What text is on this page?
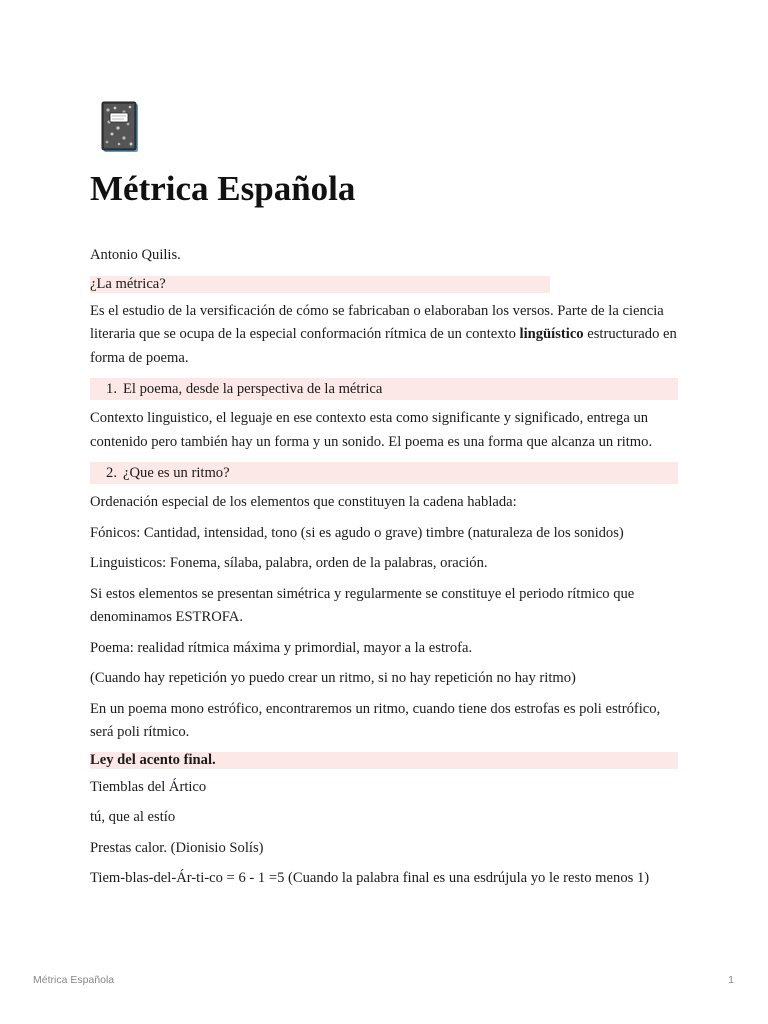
Métrica Española

Antonio Quilis.

¿La métrica?

Es el estudio de la versificación de cómo se fabricaban o elaboraban los versos. Parte de la ciencia literaria que se ocupa de la especial conformación rítmica de un contexto lingüístico estructurado en forma de poema.

1. El poema, desde la perspectiva de la métrica

Contexto linguistico, el leguaje en ese contexto esta como significante y significado, entrega un contenido pero también hay un forma y un sonido. El poema es una forma que alcanza un ritmo.

2. ¿Que es un ritmo?

Ordenación especial de los elementos que constituyen la cadena hablada:

Fónicos: Cantidad, intensidad, tono (si es agudo o grave) timbre (naturaleza de los sonidos)

Linguisticos: Fonema, sílaba, palabra, orden de la palabras, oración.

Si estos elementos se presentan simétrica y regularmente se constituye el periodo rítmico que denominamos ESTROFA.

Poema: realidad rítmica máxima y primordial, mayor a la estrofa.

(Cuando hay repetición yo puedo crear un ritmo, si no hay repetición no hay ritmo)

En un poema mono estrófico, encontraremos un ritmo, cuando tiene dos estrofas es poli estrófico, será poli rítmico.

Ley del acento final.

Tiemblas del Ártico

tú, que al estío

Prestas calor. (Dionisio Solís)

Tiem-blas-del-Ár-ti-co = 6 - 1 =5 (Cuando la palabra final es una esdrújula yo le resto menos 1)

Métrica Española	1
